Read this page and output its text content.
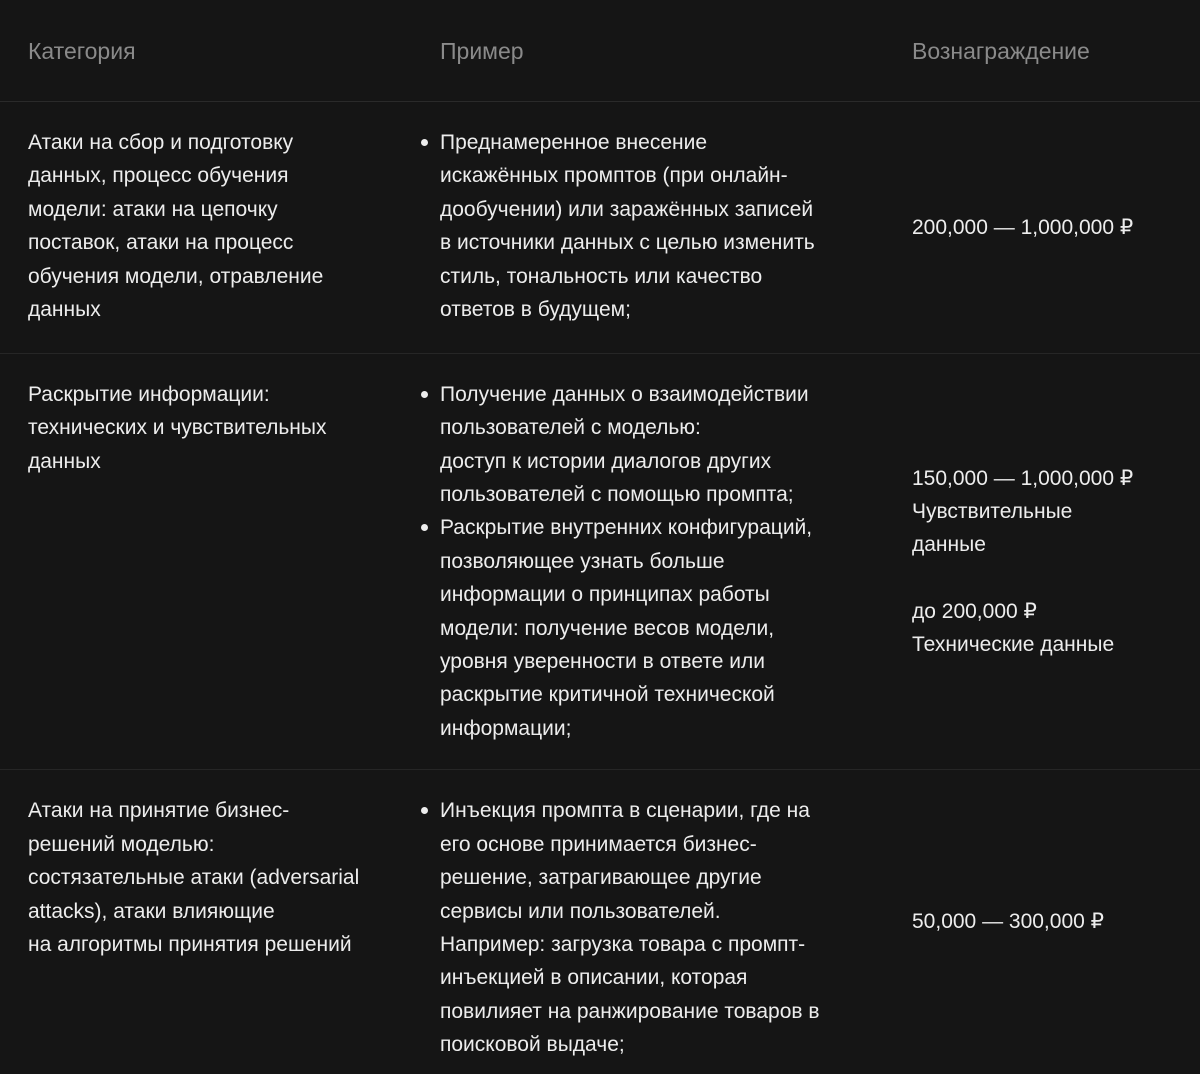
Категория	Пример	Вознаграждение
Атаки на сбор и подготовку
данных, процесс обучения
модели: атаки на цепочку
поставок, атаки на процесс
обучения модели, отравление
данных
Преднамеренное внесение
искажённых промптов (при онлайн-
дообучении) или заражённых записей
в источники данных с целью изменить
стиль, тональность или качество
ответов в будущем;
200,000 — 1,000,000 ₽
Раскрытие информации:
технических и чувствительных
данных
Получение данных о взаимодействии
пользователей с моделью:
доступ к истории диалогов других
пользователей с помощью промпта;
Раскрытие внутренних конфигураций,
позволяющее узнать больше
информации о принципах работы
модели: получение весов модели,
уровня уверенности в ответе или
раскрытие критичной технической
информации;
150,000 — 1,000,000 ₽
Чувствительные
данные
до 200,000 ₽
Технические данные
Атаки на принятие бизнес-
решений моделью:
состязательные атаки (adversarial
attacks), атаки влияющие
на алгоритмы принятия решений
Инъекция промпта в сценарии, где на
его основе принимается бизнес-
решение, затрагивающее другие
сервисы или пользователей.
Например: загрузка товара с промпт-
инъекцией в описании, которая
повилияет на ранжирование товаров в
поисковой выдаче;
50,000 — 300,000 ₽
